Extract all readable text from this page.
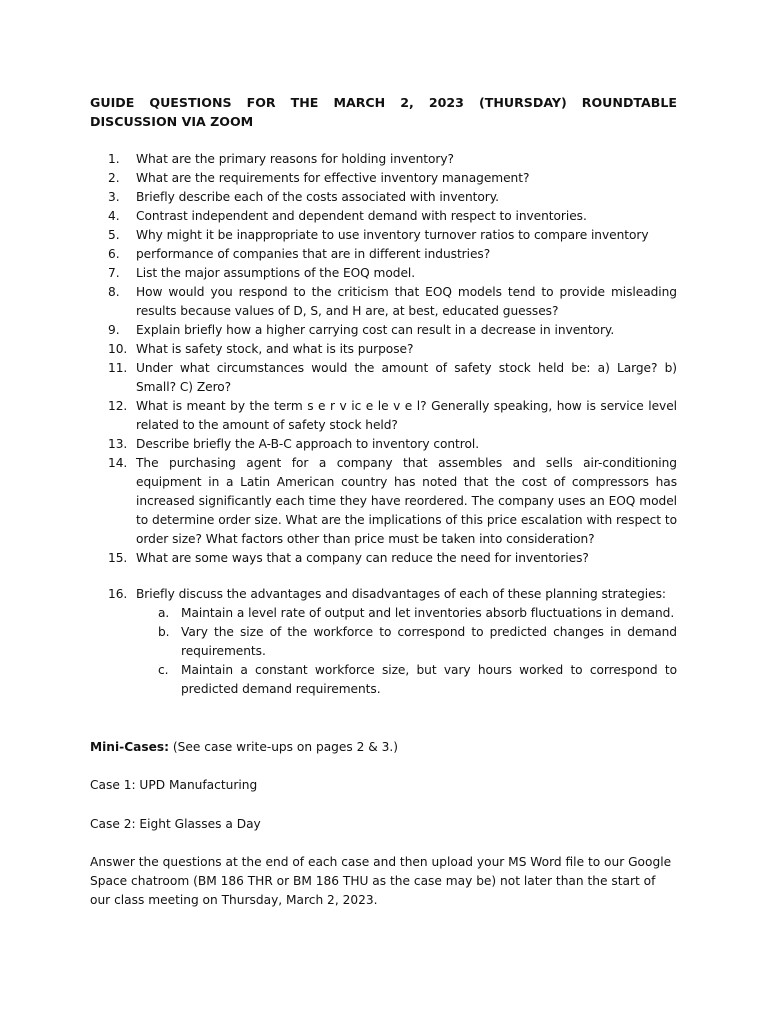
GUIDE QUESTIONS FOR THE MARCH 2, 2023 (THURSDAY) ROUNDTABLE DISCUSSION VIA ZOOM
1. What are the primary reasons for holding inventory?
2. What are the requirements for effective inventory management?
3. Briefly describe each of the costs associated with inventory.
4. Contrast independent and dependent demand with respect to inventories.
5. Why might it be inappropriate to use inventory turnover ratios to compare inventory
6. performance of companies that are in different industries?
7. List the major assumptions of the EOQ model.
8. How would you respond to the criticism that EOQ models tend to provide misleading results because values of D, S, and H are, at best, educated guesses?
9. Explain briefly how a higher carrying cost can result in a decrease in inventory.
10. What is safety stock, and what is its purpose?
11. Under what circumstances would the amount of safety stock held be: a) Large? b) Small? C) Zero?
12. What is meant by the term s e r v ic e le v e l? Generally speaking, how is service level related to the amount of safety stock held?
13. Describe briefly the A-B-C approach to inventory control.
14. The purchasing agent for a company that assembles and sells air-conditioning equipment in a Latin American country has noted that the cost of compressors has increased significantly each time they have reordered. The company uses an EOQ model to determine order size. What are the implications of this price escalation with respect to order size? What factors other than price must be taken into consideration?
15. What are some ways that a company can reduce the need for inventories?
16. Briefly discuss the advantages and disadvantages of each of these planning strategies:
a. Maintain a level rate of output and let inventories absorb fluctuations in demand.
b. Vary the size of the workforce to correspond to predicted changes in demand requirements.
c. Maintain a constant workforce size, but vary hours worked to correspond to predicted demand requirements.
Mini-Cases: (See case write-ups on pages 2 & 3.)
Case 1: UPD Manufacturing
Case 2: Eight Glasses a Day
Answer the questions at the end of each case and then upload your MS Word file to our Google Space chatroom (BM 186 THR or BM 186 THU as the case may be) not later than the start of our class meeting on Thursday, March 2, 2023.
